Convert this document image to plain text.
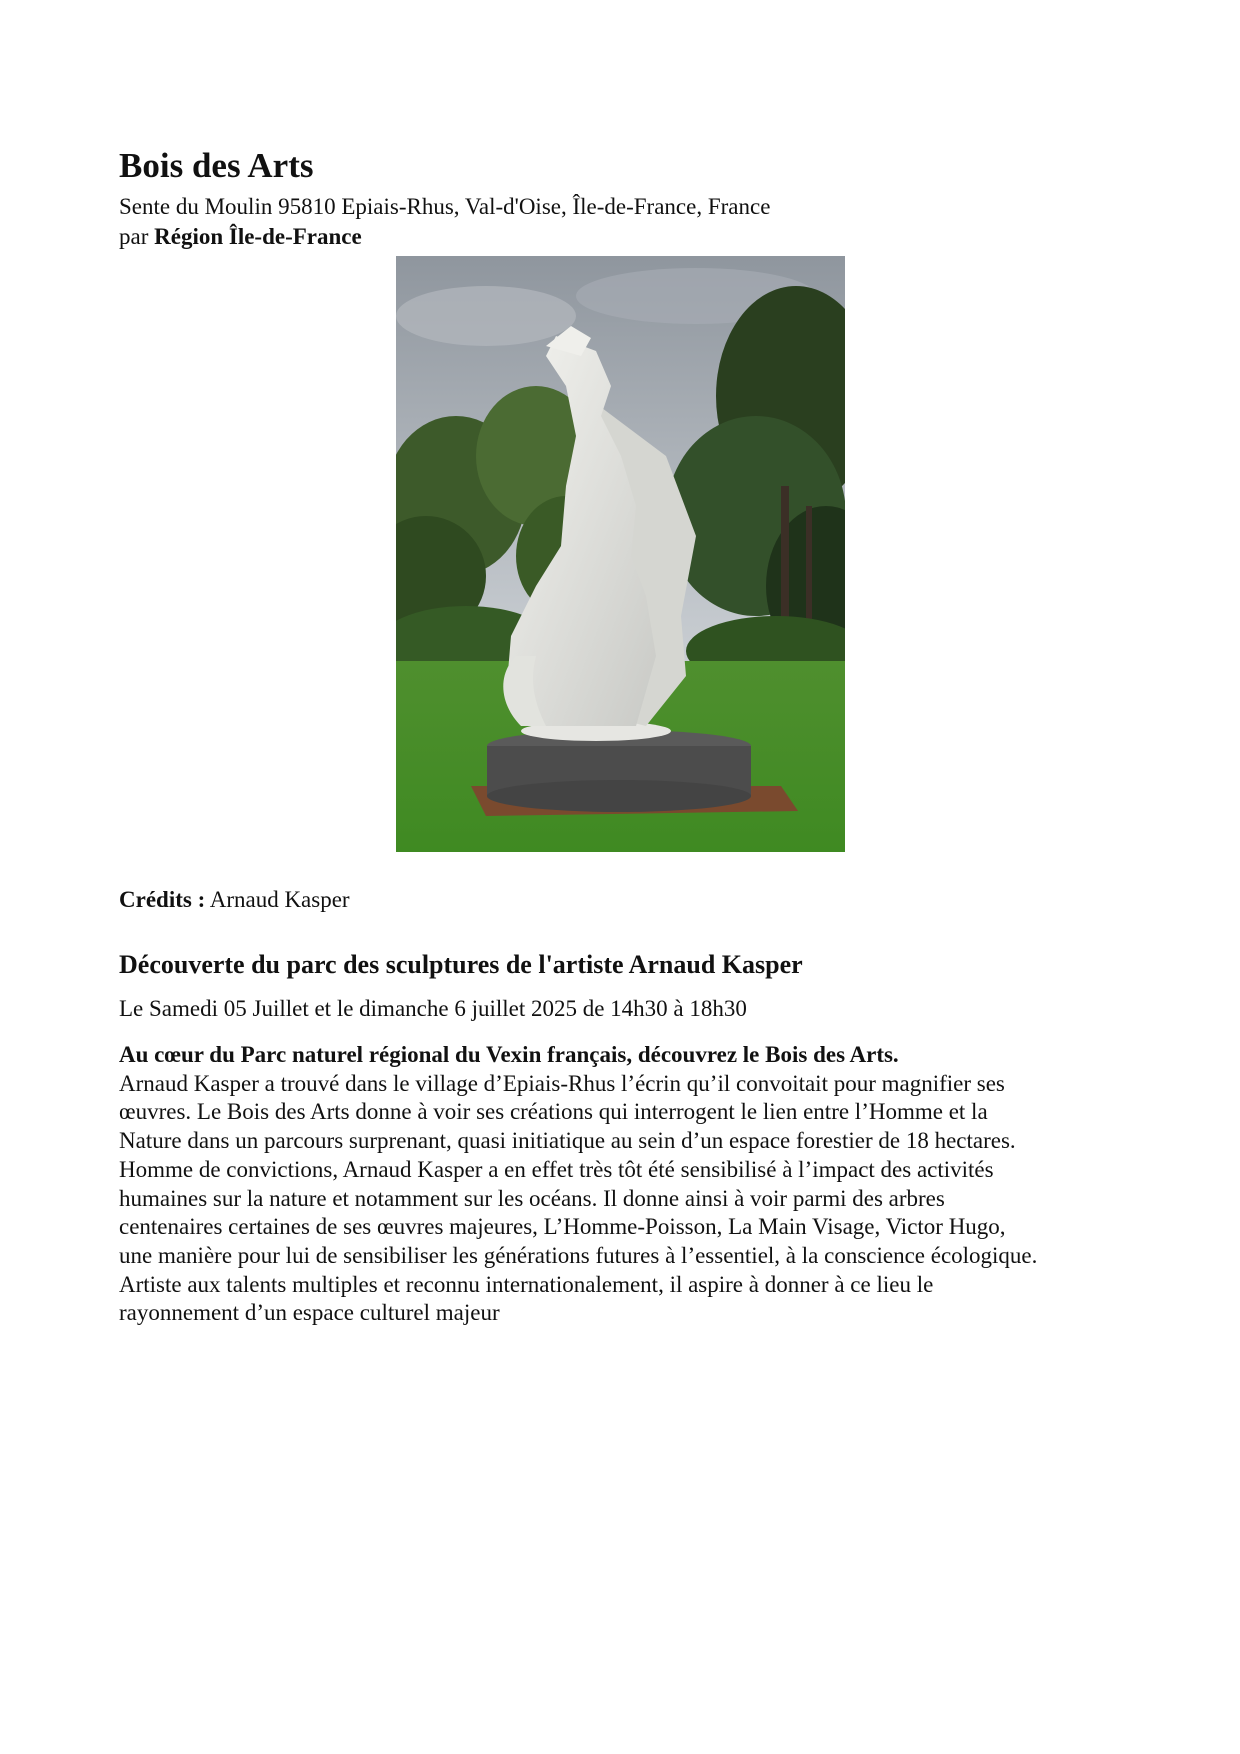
Bois des Arts

Sente du Moulin 95810 Epiais-Rhus, Val-d'Oise, Île-de-France, France

par Région Île-de-France

Crédits : Arnaud Kasper
Découverte du parc des sculptures de l'artiste Arnaud Kasper
Le Samedi 05 Juillet et le dimanche 6 juillet 2025 de 14h30 à 18h30
Au cœur du Parc naturel régional du Vexin français, découvrez le Bois des Arts.
Arnaud Kasper a trouvé dans le village d’Epiais-Rhus l’écrin qu’il convoitait pour magnifier ses
œuvres. Le Bois des Arts donne à voir ses créations qui interrogent le lien entre l’Homme et la
Nature dans un parcours surprenant, quasi initiatique au sein d’un espace forestier de 18 hectares.
Homme de convictions, Arnaud Kasper a en effet très tôt été sensibilisé à l’impact des activités
humaines sur la nature et notamment sur les océans. Il donne ainsi à voir parmi des arbres
centenaires certaines de ses œuvres majeures, L’Homme-Poisson, La Main Visage, Victor Hugo,
une manière pour lui de sensibiliser les générations futures à l’essentiel, à la conscience écologique.
Artiste aux talents multiples et reconnu internationalement, il aspire à donner à ce lieu le
rayonnement d’un espace culturel majeur
